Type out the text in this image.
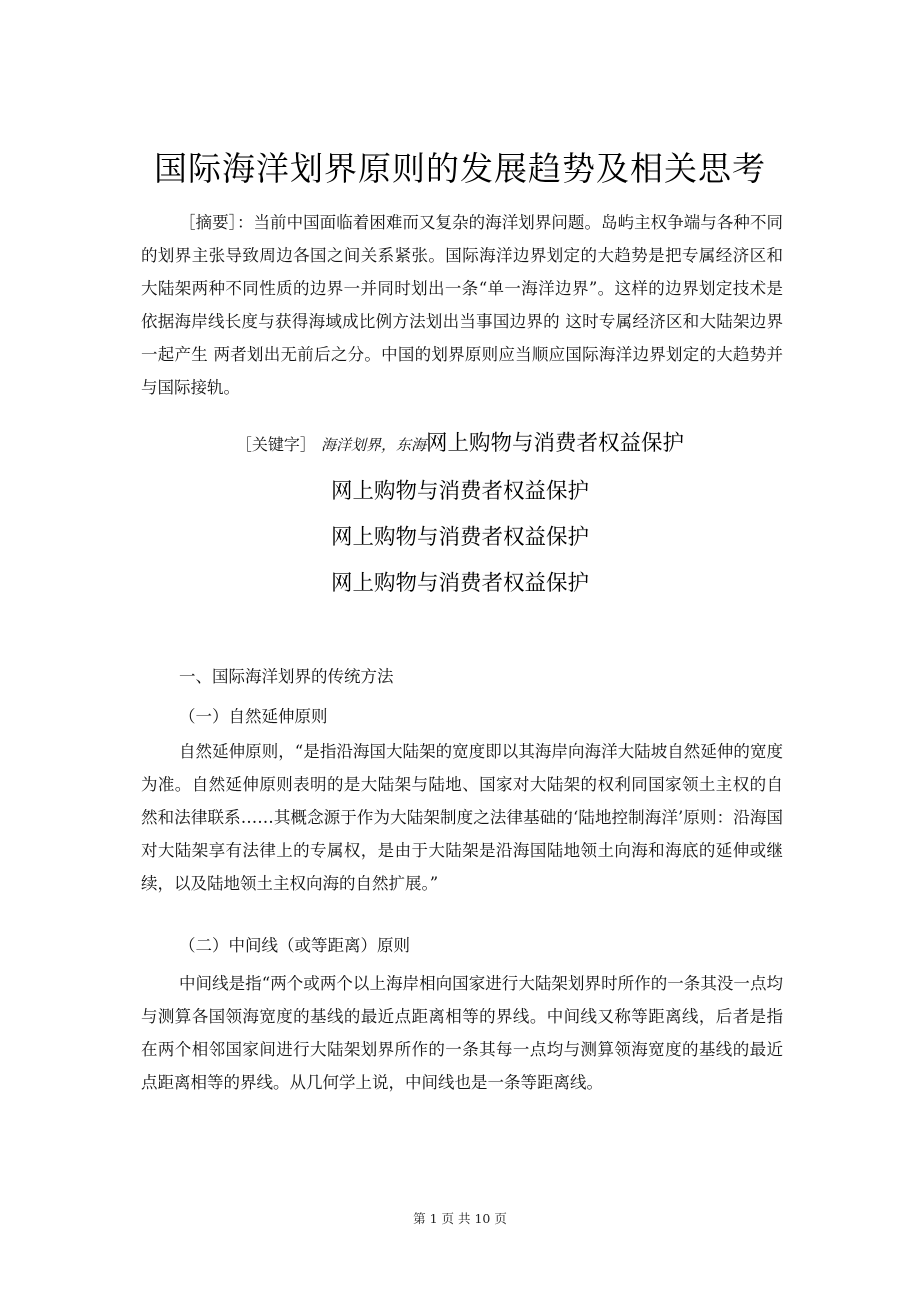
国际海洋划界原则的发展趋势及相关思考

［摘要］：当前中国面临着困难而又复杂的海洋划界问题。岛屿主权争端与各种不同的划界主张导致周边各国之间关系紧张。国际海洋边界划定的大趋势是把专属经济区和大陆架两种不同性质的边界一并同时划出一条“单一海洋边界”。这样的边界划定技术是依据海岸线长度与获得海域成比例方法划出当事国边界的 这时专属经济区和大陆架边界一起产生 两者划出无前后之分。中国的划界原则应当顺应国际海洋边界划定的大趋势并与国际接轨。

［关键字］ 海洋划界，东海网上购物与消费者权益保护
网上购物与消费者权益保护
网上购物与消费者权益保护
网上购物与消费者权益保护
一、国际海洋划界的传统方法
（一）自然延伸原则

自然延伸原则，“是指沿海国大陆架的宽度即以其海岸向海洋大陆坡自然延伸的宽度为准。自然延伸原则表明的是大陆架与陆地、国家对大陆架的权利同国家领土主权的自然和法律联系……其概念源于作为大陆架制度之法律基础的‘陆地控制海洋’原则：沿海国对大陆架享有法律上的专属权，是由于大陆架是沿海国陆地领土向海和海底的延伸或继续，以及陆地领土主权向海的自然扩展。”

（二）中间线（或等距离）原则

中间线是指“两个或两个以上海岸相向国家进行大陆架划界时所作的一条其没一点均与测算各国领海宽度的基线的最近点距离相等的界线。中间线又称等距离线，后者是指在两个相邻国家间进行大陆架划界所作的一条其每一点均与测算领海宽度的基线的最近点距离相等的界线。从几何学上说，中间线也是一条等距离线。

第 1 页 共 10 页
